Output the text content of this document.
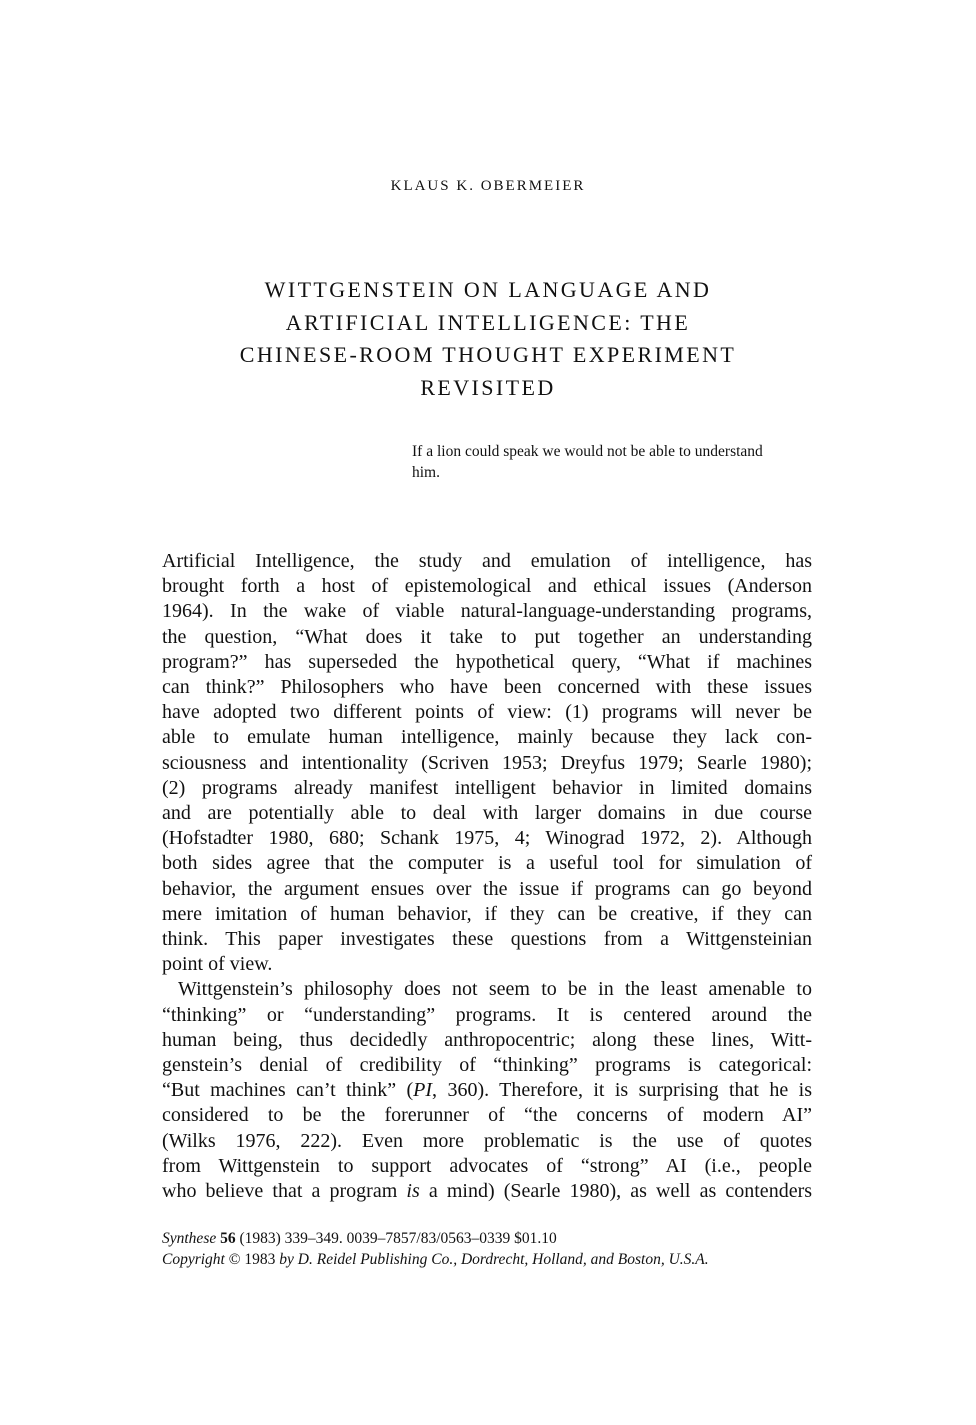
KLAUS K. OBERMEIER
WITTGENSTEIN ON LANGUAGE AND
ARTIFICIAL INTELLIGENCE: THE
CHINESE-ROOM THOUGHT EXPERIMENT
REVISITED
If a lion could speak we would not be able to understand
him.
Artificial Intelligence, the study and emulation of intelligence, has
brought forth a host of epistemological and ethical issues (Anderson
1964). In the wake of viable natural-language-understanding programs,
the question, “What does it take to put together an understanding
program?” has superseded the hypothetical query, “What if machines
can think?” Philosophers who have been concerned with these issues
have adopted two different points of view: (1) programs will never be
able to emulate human intelligence, mainly because they lack con-
sciousness and intentionality (Scriven 1953; Dreyfus 1979; Searle 1980);
(2) programs already manifest intelligent behavior in limited domains
and are potentially able to deal with larger domains in due course
(Hofstadter 1980, 680; Schank 1975, 4; Winograd 1972, 2). Although
both sides agree that the computer is a useful tool for simulation of
behavior, the argument ensues over the issue if programs can go beyond
mere imitation of human behavior, if they can be creative, if they can
think. This paper investigates these questions from a Wittgensteinian
point of view.
Wittgenstein’s philosophy does not seem to be in the least amenable to
“thinking” or “understanding” programs. It is centered around the
human being, thus decidedly anthropocentric; along these lines, Witt-
genstein’s denial of credibility of “thinking” programs is categorical:
“But machines can’t think” (PI, 360). Therefore, it is surprising that he is
considered to be the forerunner of “the concerns of modern AI”
(Wilks 1976, 222). Even more problematic is the use of quotes
from Wittgenstein to support advocates of “strong” AI (i.e., people
who believe that a program is a mind) (Searle 1980), as well as contenders
Synthese 56 (1983) 339–349. 0039–7857/83/0563–0339 $01.10
Copyright © 1983 by D. Reidel Publishing Co., Dordrecht, Holland, and Boston, U.S.A.
